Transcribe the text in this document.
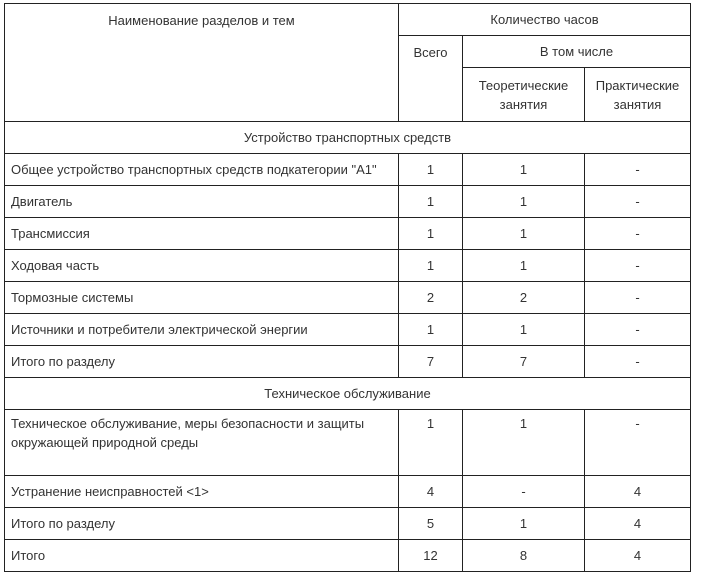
Наименование разделов и тем	Количество часов		
	Всего	В том числе	
		Теоретические занятия	Практические занятия
Устройство транспортных средств			
Общее устройство транспортных средств подкатегории "A1"	1	1	-
Двигатель	1	1	-
Трансмиссия	1	1	-
Ходовая часть	1	1	-
Тормозные системы	2	2	-
Источники и потребители электрической энергии	1	1	-
Итого по разделу	7	7	-
Техническое обслуживание			
Техническое обслуживание, меры безопасности и защиты окружающей природной среды	1	1	-
Устранение неисправностей <1>	4	-	4
Итого по разделу	5	1	4
Итого	12	8	4
